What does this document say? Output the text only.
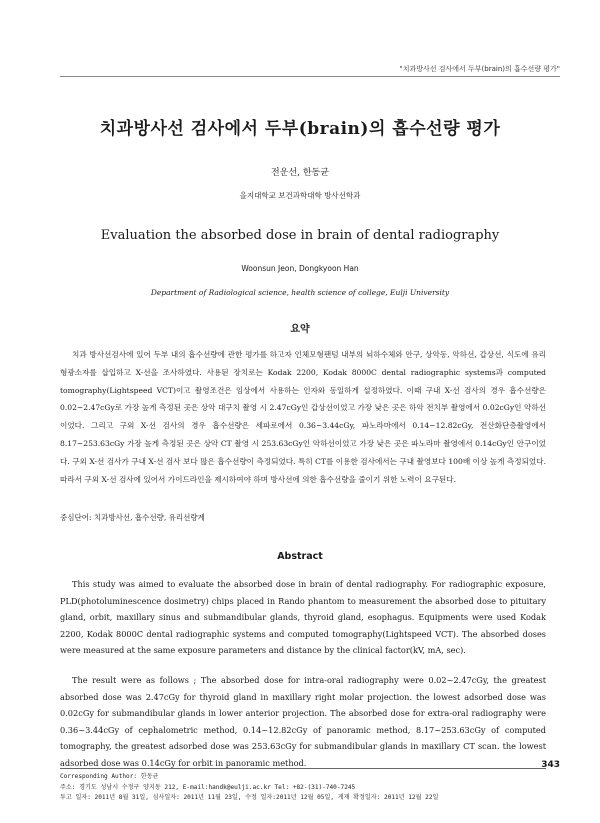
"치과방사선 검사에서 두부(brain)의 흡수선량 평가"
치과방사선 검사에서 두부(brain)의 흡수선량 평가
전운선, 한동균
을지대학교 보건과학대학 방사선학과
Evaluation the absorbed dose in brain of dental radiography
Woonsun Jeon, Dongkyoon Han
Department of Radiological science, health science of college, Eulji University
요약

치과 방사선검사에 있어 두부 내의 흡수선량에 관한 평가를 하고자 인체모형팬텀 내부의 뇌하수체와 안구, 상악동, 악하선, 갑상선, 식도에 유리형광소자를 삽입하고 X-선을 조사하였다. 사용된 장치로는 Kodak 2200, Kodak 8000C dental radiographic systems과 computed tomography(Lightspeed VCT)이고 촬영조건은 임상에서 사용하는 인자와 동일하게 설정하였다. 이때 구내 X-선 검사의 경우 흡수선량은 0.02~2.47cGy로 가장 높게 측정된 곳은 상악 대구치 촬영 시 2.47cGy인 갑상선이었고 가장 낮은 곳은 하악 전치부 촬영에서 0.02cGy인 악하선이었다. 그리고 구외 X-선 검사의 경우 흡수선량은 세파로에서 0.36~3.44cGy, 파노라마에서 0.14~12.82cGy, 전산화단층촬영에서 8.17~253.63cGy 가장 높게 측정된 곳은 상악 CT 촬영 시 253.63cGy인 악하선이었고 가장 낮은 곳은 파노라마 촬영에서 0.14cGy인 안구이었다. 구외 X-선 검사가 구내 X-선 검사 보다 많은 흡수선량이 측정되었다. 특히 CT를 이용한 검사에서는 구내 촬영보다 100배 이상 높게 측정되었다. 따라서 구외 X-선 검사에 있어서 가이드라인을 제시하여야 하며 방사선에 의한 흡수선량을 줄이기 위한 노력이 요구된다.

중심단어: 치과방사선, 흡수선량, 유리선량계

Abstract

This study was aimed to evaluate the absorbed dose in brain of dental radiography. For radiographic exposure, PLD(photoluminescence dosimetry) chips placed in Rando phantom to measurement the absorbed dose to pituitary gland, orbit, maxillary sinus and submandibular glands, thyroid gland, esophagus. Equipments were used Kodak 2200, Kodak 8000C dental radiographic systems and computed tomography(Lightspeed VCT). The absorbed doses were measured at the same exposure parameters and distance by the clinical factor(kV, mA, sec).

The result were as follows ; The absorbed dose for intra-oral radiography were 0.02~2.47cGy, the greatest absorbed dose was 2.47cGy for thyroid gland in maxillary right molar projection. the lowest adsorbed dose was 0.02cGy for submandibular glands in lower anterior projection. The absorbed dose for extra-oral radiography were 0.36~3.44cGy of cephalometric method, 0.14~12.82cGy of panoramic method, 8.17~253.63cGy of computed tomography, the greatest adsorbed dose was 253.63cGy for submandibular glands in maxillary CT scan. the lowest adsorbed dose was 0.14cGy for orbit in panoramic method.

Corresponding Author: 한동균
주소: 경기도 성남시 수정구 양지동 212, E-mail:handk@eulji.ac.kr Tel: +82-(31)-740-7245
투고 일자: 2011년 8월 31일, 심사일자: 2011년 11월 23일, 수정 일자:2011년 12월 05일, 게재 확정일자: 2011년 12월 22일
343
